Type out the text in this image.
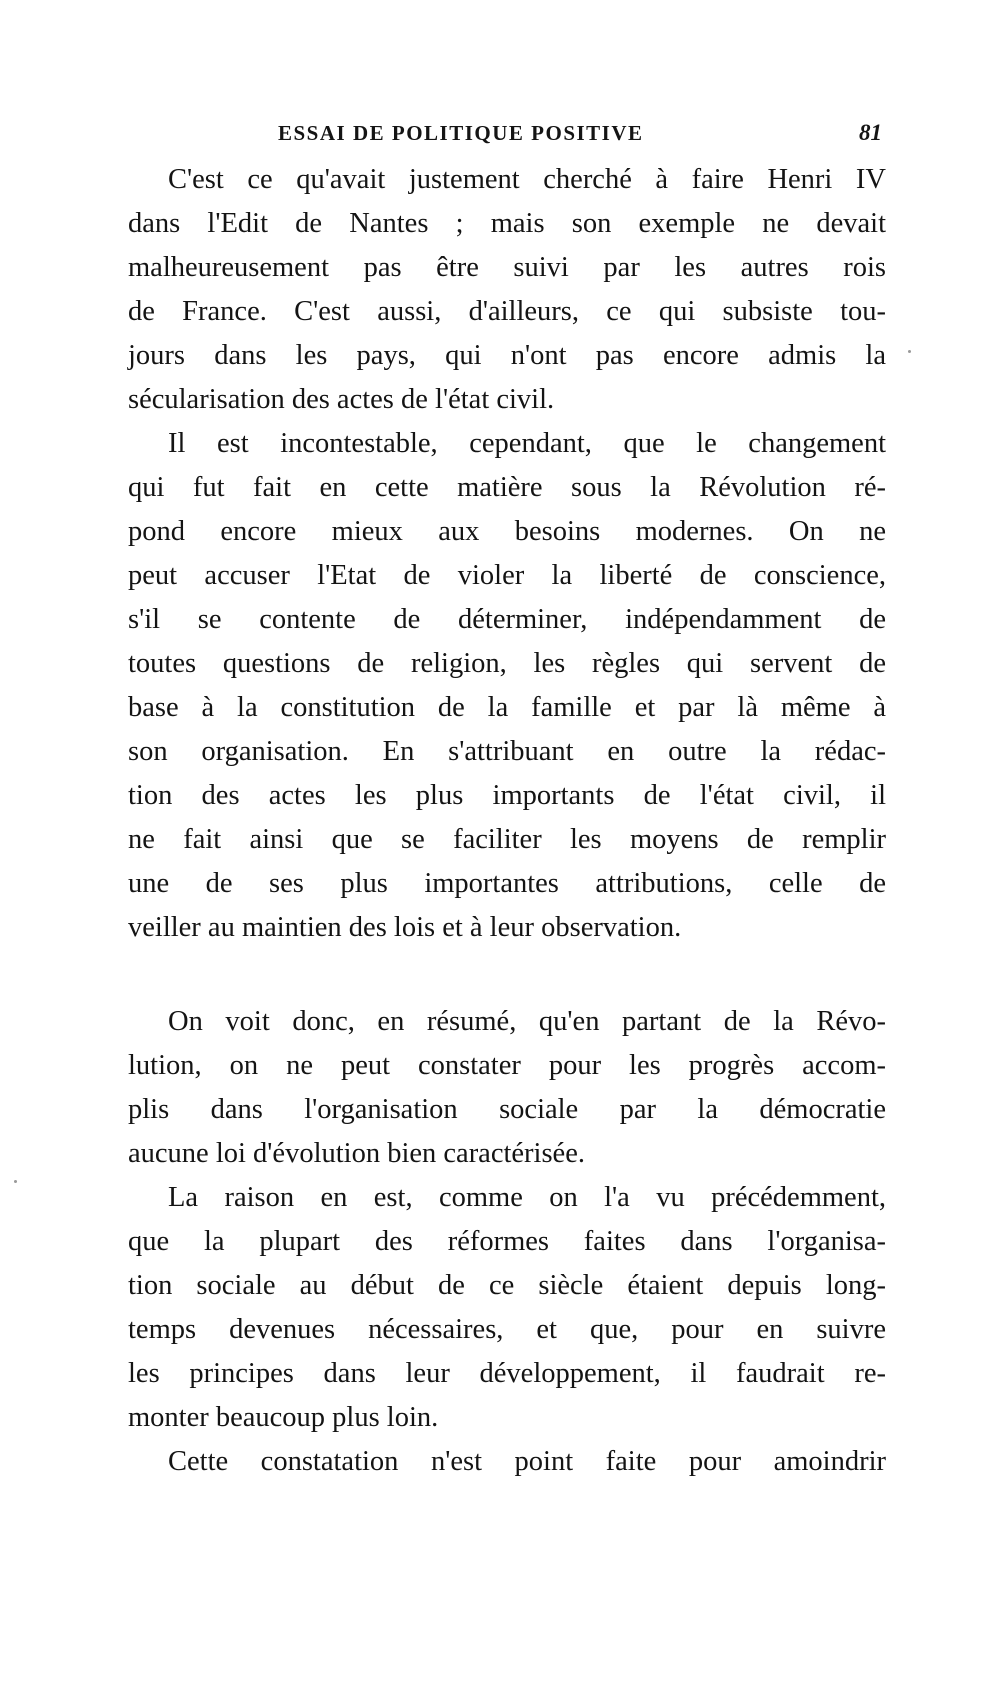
ESSAI DE POLITIQUE POSITIVE	81
C'est ce qu'avait justement cherché à faire Henri IV
dans l'Edit de Nantes ; mais son exemple ne devait
malheureusement pas être suivi par les autres rois
de France. C'est aussi, d'ailleurs, ce qui subsiste tou-
jours dans les pays, qui n'ont pas encore admis la
sécularisation des actes de l'état civil.
Il est incontestable, cependant, que le changement
qui fut fait en cette matière sous la Révolution ré-
pond encore mieux aux besoins modernes. On ne
peut accuser l'Etat de violer la liberté de conscience,
s'il se contente de déterminer, indépendamment de
toutes questions de religion, les règles qui servent de
base à la constitution de la famille et par là même à
son organisation. En s'attribuant en outre la rédac-
tion des actes les plus importants de l'état civil, il
ne fait ainsi que se faciliter les moyens de remplir
une de ses plus importantes attributions, celle de
veiller au maintien des lois et à leur observation.
On voit donc, en résumé, qu'en partant de la Révo-
lution, on ne peut constater pour les progrès accom-
plis dans l'organisation sociale par la démocratie
aucune loi d'évolution bien caractérisée.
La raison en est, comme on l'a vu précédemment,
que la plupart des réformes faites dans l'organisa-
tion sociale au début de ce siècle étaient depuis long-
temps devenues nécessaires, et que, pour en suivre
les principes dans leur développement, il faudrait re-
monter beaucoup plus loin.
Cette constatation n'est point faite pour amoindrir
